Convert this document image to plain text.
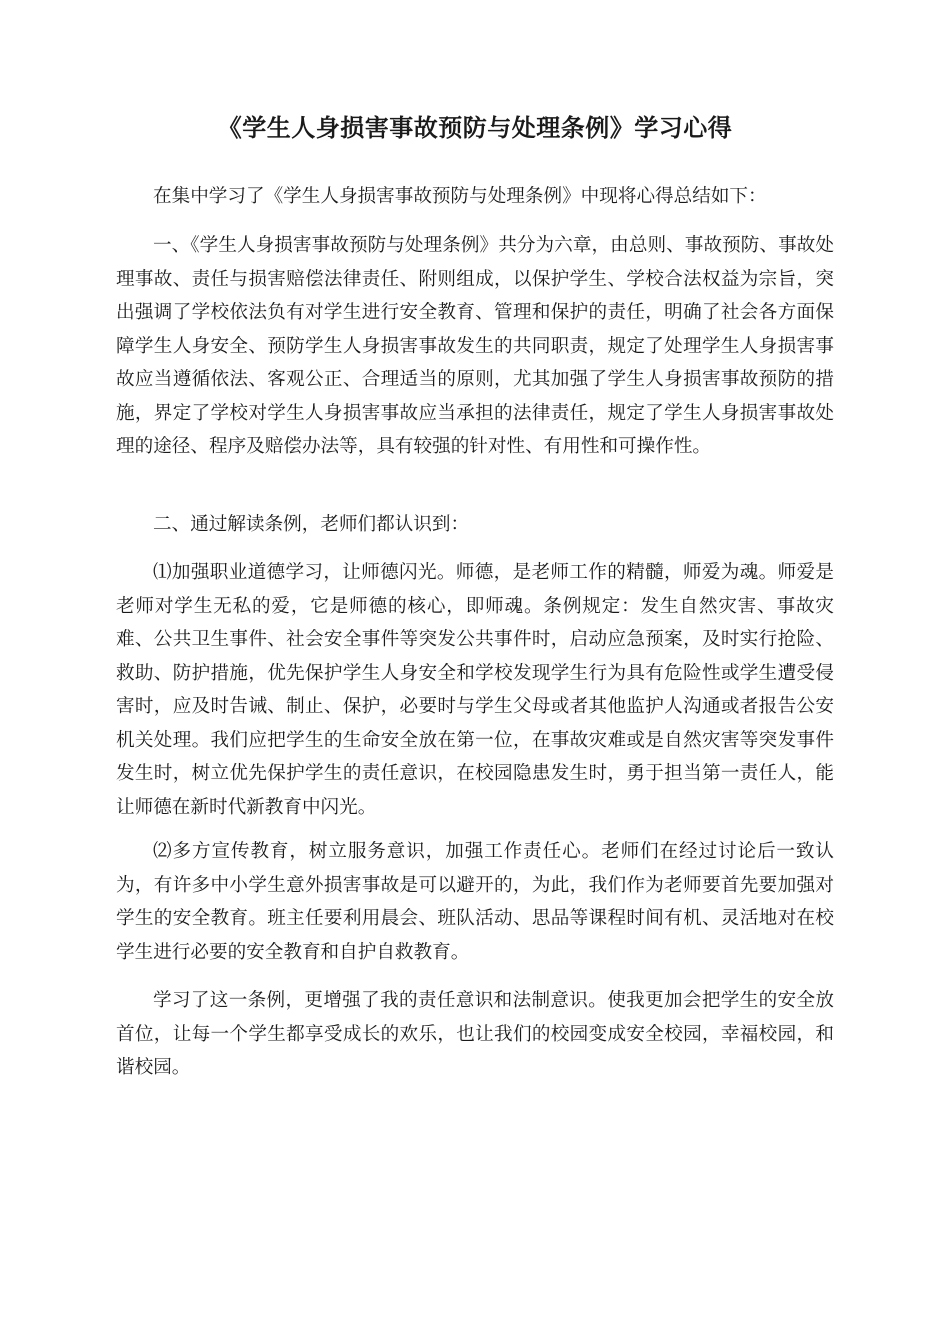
《学生人身损害事故预防与处理条例》学习心得

在集中学习了《学生人身损害事故预防与处理条例》中现将心得总结如下：

一、《学生人身损害事故预防与处理条例》共分为六章，由总则、事故预防、事故处理事故、责任与损害赔偿法律责任、附则组成，以保护学生、学校合法权益为宗旨，突出强调了学校依法负有对学生进行安全教育、管理和保护的责任，明确了社会各方面保障学生人身安全、预防学生人身损害事故发生的共同职责，规定了处理学生人身损害事故应当遵循依法、客观公正、合理适当的原则，尤其加强了学生人身损害事故预防的措施，界定了学校对学生人身损害事故应当承担的法律责任，规定了学生人身损害事故处理的途径、程序及赔偿办法等，具有较强的针对性、有用性和可操作性。

二、通过解读条例，老师们都认识到：

⑴加强职业道德学习，让师德闪光。师德，是老师工作的精髓，师爱为魂。师爱是老师对学生无私的爱，它是师德的核心，即师魂。条例规定：发生自然灾害、事故灾难、公共卫生事件、社会安全事件等突发公共事件时，启动应急预案，及时实行抢险、救助、防护措施，优先保护学生人身安全和学校发现学生行为具有危险性或学生遭受侵害时，应及时告诫、制止、保护，必要时与学生父母或者其他监护人沟通或者报告公安机关处理。我们应把学生的生命安全放在第一位，在事故灾难或是自然灾害等突发事件发生时，树立优先保护学生的责任意识，在校园隐患发生时，勇于担当第一责任人，能让师德在新时代新教育中闪光。

⑵多方宣传教育，树立服务意识，加强工作责任心。老师们在经过讨论后一致认为，有许多中小学生意外损害事故是可以避开的，为此，我们作为老师要首先要加强对学生的安全教育。班主任要利用晨会、班队活动、思品等课程时间有机、灵活地对在校学生进行必要的安全教育和自护自救教育。

学习了这一条例，更增强了我的责任意识和法制意识。使我更加会把学生的安全放首位，让每一个学生都享受成长的欢乐，也让我们的校园变成安全校园，幸福校园，和谐校园。
